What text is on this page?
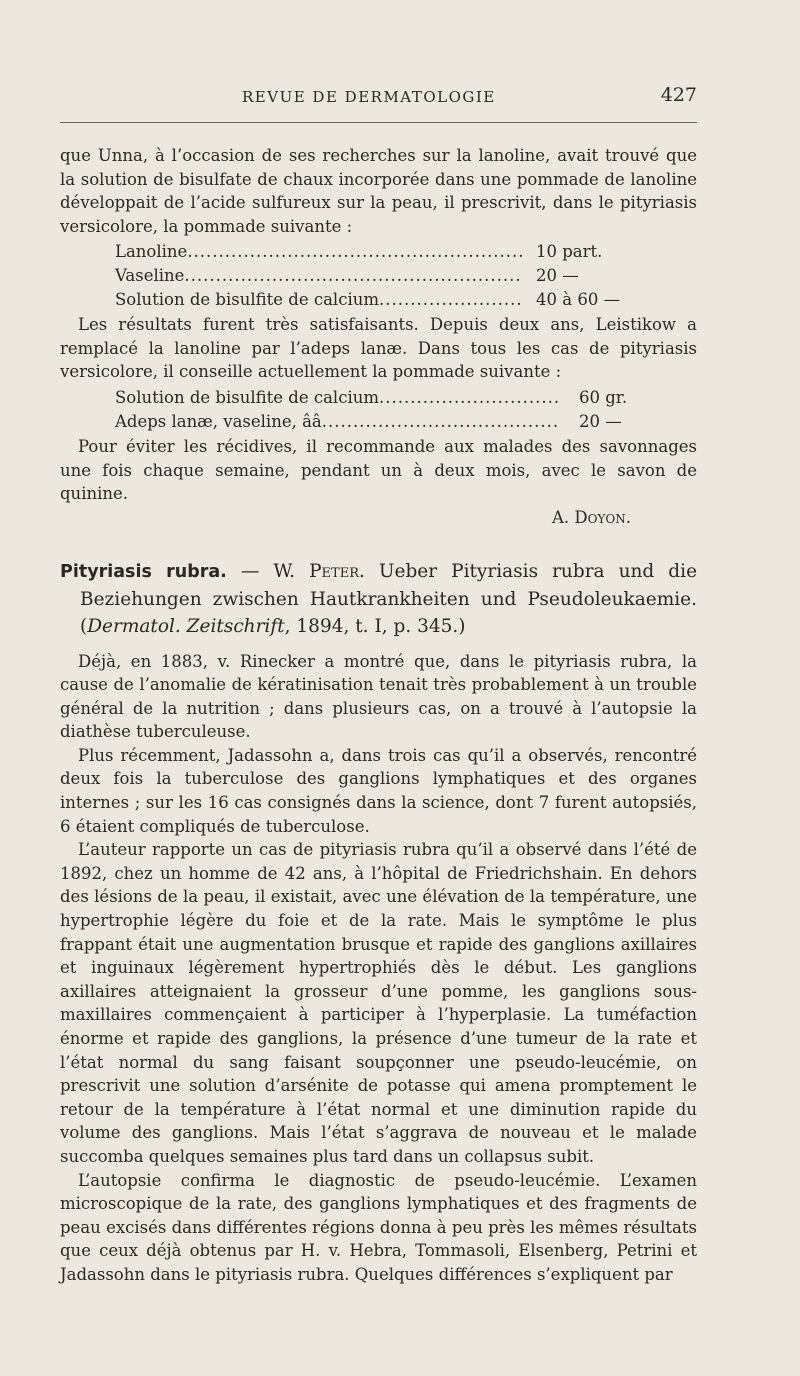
REVUE DE DERMATOLOGIE	427

que Unna, à l’occasion de ses recherches sur la lanoline, avait trouvé que la solution de bisulfate de chaux incorporée dans une pommade de lanoline développait de l’acide sulfureux sur la peau, il prescrivit, dans le pityriasis versicolore, la pommade suivante :

Lanoline .....	10 part.
Vaseline .....	20 —
Solution de bisulfite de calcium .....	40 à 60 —

Les résultats furent très satisfaisants. Depuis deux ans, Leistikow a remplacé la lanoline par l’adeps lanæ. Dans tous les cas de pityriasis versicolore, il conseille actuellement la pommade suivante :

Solution de bisulfite de calcium .....	60 gr.
Adeps lanæ, vaseline, ââ .....	20 —

Pour éviter les récidives, il recommande aux malades des savonnages une fois chaque semaine, pendant un à deux mois, avec le savon de quinine.

A. Doyon.

Pityriasis rubra. — W. Peter. Ueber Pityriasis rubra und die Beziehungen zwischen Hautkrankheiten und Pseudoleukaemie. (Dermatol. Zeitschrift, 1894, t. I, p. 345.)

Déjà, en 1883, v. Rinecker a montré que, dans le pityriasis rubra, la cause de l’anomalie de kératinisation tenait très probablement à un trouble général de la nutrition ; dans plusieurs cas, on a trouvé à l’autopsie la diathèse tuberculeuse.

Plus récemment, Jadassohn a, dans trois cas qu’il a observés, rencontré deux fois la tuberculose des ganglions lymphatiques et des organes internes ; sur les 16 cas consignés dans la science, dont 7 furent autopsiés, 6 étaient compliqués de tuberculose.

L’auteur rapporte un cas de pityriasis rubra qu’il a observé dans l’été de 1892, chez un homme de 42 ans, à l’hôpital de Friedrichshain. En dehors des lésions de la peau, il existait, avec une élévation de la température, une hypertrophie légère du foie et de la rate. Mais le symptôme le plus frappant était une augmentation brusque et rapide des ganglions axillaires et inguinaux légèrement hypertrophiés dès le début. Les ganglions axillaires atteignaient la grosseur d’une pomme, les ganglions sous-maxillaires commençaient à participer à l’hyperplasie. La tuméfaction énorme et rapide des ganglions, la présence d’une tumeur de la rate et l’état normal du sang faisant soupçonner une pseudo-leucémie, on prescrivit une solution d’arsénite de potasse qui amena promptement le retour de la température à l’état normal et une diminution rapide du volume des ganglions. Mais l’état s’aggrava de nouveau et le malade succomba quelques semaines plus tard dans un collapsus subit.

L’autopsie confirma le diagnostic de pseudo-leucémie. L’examen microscopique de la rate, des ganglions lymphatiques et des fragments de peau excisés dans différentes régions donna à peu près les mêmes résultats que ceux déjà obtenus par H. v. Hebra, Tommasoli, Elsenberg, Petrini et Jadassohn dans le pityriasis rubra. Quelques différences s’expliquent par
